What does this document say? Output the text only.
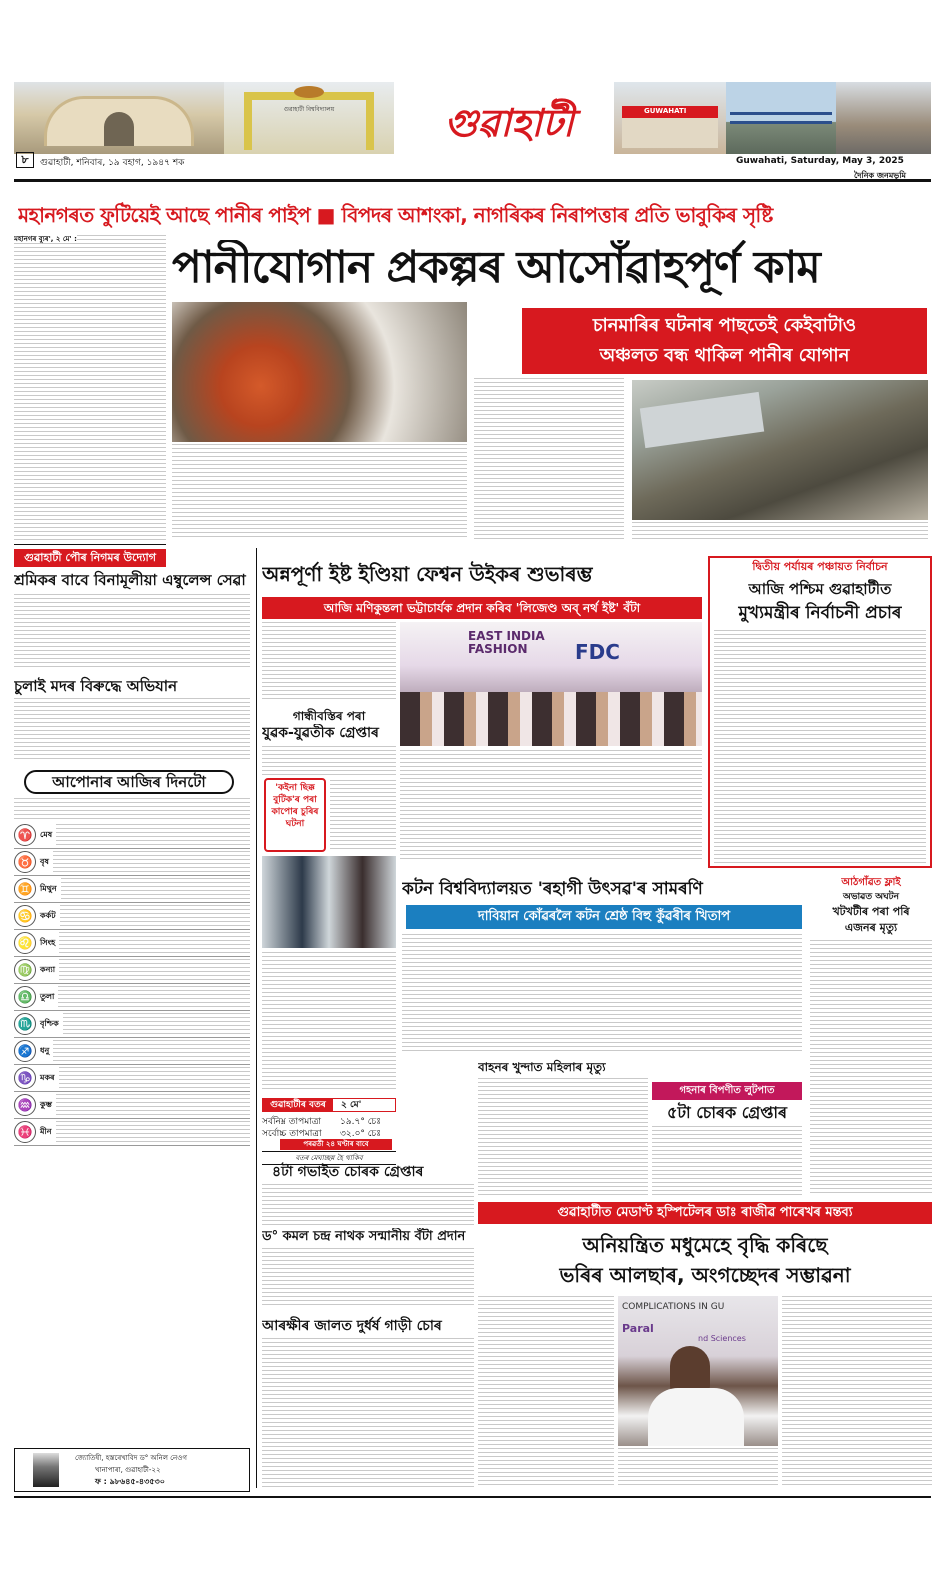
গুৱাহাটী বিশ্ববিদ্যালয়	গুৱাহাটী	GUWAHATI
৮	গুৱাহাটী, শনিবাৰ, ১৯ বহাগ, ১৯৪৭ শক	Guwahati, Saturday, May 3, 2025
দৈনিক জনমভূমি
মহানগৰত ফুটিয়েই আছে পানীৰ পাইপ ■ বিপদৰ আশংকা, নাগৰিকৰ নিৰাপত্তাৰ প্ৰতি ভাবুকিৰ সৃষ্টি
মহানগৰ ব্যুৰ', ২ মে' :
পানীযোগান প্ৰকল্পৰ আসোঁৱাহপূৰ্ণ কাম
চানমাৰিৰ ঘটনাৰ পাছতেই কেইবাটাও
অঞ্চলত বন্ধ থাকিল পানীৰ যোগান
গুৱাহাটী পৌৰ নিগমৰ উদ্যোগ
শ্ৰমিকৰ বাবে বিনামূলীয়া এম্বুলেন্স সেৱা
চুলাই মদৰ বিৰুদ্ধে অভিযান
আপোনাৰ আজিৰ দিনটো
♈ মেষ
♉ বৃষ
♊ মিথুন
♋ কৰ্কট
♌ সিংহ
♍ কন্যা
♎ তুলা
♏ বৃশ্চিক
♐ ধনু
♑ মকৰ
♒ কুম্ভ
♓ মীন
জ্যোতিষী, হস্তৰেখাবিদ ড° অনিল নেওগ
খানাপাৰা, গুৱাহাটী-২২
ফ : ৯৮৬৪৫-৪৩৫৩০
অন্নপূৰ্ণা ইষ্ট ইণ্ডিয়া ফেশ্বন উইকৰ শুভাৰম্ভ
আজি মণিকুন্তলা ভট্টাচাৰ্যক প্ৰদান কৰিব 'লিজেণ্ড অব্ নৰ্থ ইষ্ট' বঁটা
EAST INDIA FASHION	FDC
গান্ধীবস্তিৰ পৰা
যুৱক-যুৱতীক গ্ৰেপ্তাৰ
'কইনা ছিক্ক বুটিক'ৰ পৰা কাপোৰ চুৰিৰ ঘটনা
গুৱাহাটীৰ বতৰ	২ মে'
সৰ্বনিম্ন তাপমাত্ৰা ১৯.৭° চেঃ
সৰ্বোচ্চ তাপমাত্ৰা ৩২.০° চেঃ
পৰৱৰ্তী ২৪ ঘণ্টাৰ বাবে
বতৰ মেঘাচ্ছন্ন হৈ থাকিব
৪টা গভাইত চোৰক গ্ৰেপ্তাৰ
ড° কমল চন্দ্ৰ নাথক সন্মানীয় বঁটা প্ৰদান
আৰক্ষীৰ জালত দুৰ্ধৰ্ষ গাড়ী চোৰ
দ্বিতীয় পৰ্যায়ৰ পঞ্চায়ত নিৰ্বাচন
আজি পশ্চিম গুৱাহাটীত
মুখ্যমন্ত্ৰীৰ নিৰ্বাচনী প্ৰচাৰ
কটন বিশ্ববিদ্যালয়ত 'ৰহাগী উৎসৱ'ৰ সামৰণি
দাবিয়ান কোঁৱৰলৈ কটন শ্ৰেষ্ঠ বিহু কুঁৱৰীৰ খিতাপ
আঠগাঁৱত ফ্লাই
অভাৱত অঘটন
খটখটীৰ পৰা পৰি
এজনৰ মৃত্যু
বাহনৰ খুন্দাত মহিলাৰ মৃত্যু
গহনাৰ বিপণীত লুটপাত
৫টা চোৰক গ্ৰেপ্তাৰ
গুৱাহাটীত মেডাণ্ট হস্পিটেলৰ ডাঃ ৰাজীৱ পাৰেখৰ মন্তব্য
অনিয়ন্ত্ৰিত মধুমেহে বৃদ্ধি কৰিছে
ভৰিৰ আলছাৰ, অংগচ্ছেদৰ সম্ভাৱনা
COMPLICATIONS IN GU
Paral
nd Sciences
